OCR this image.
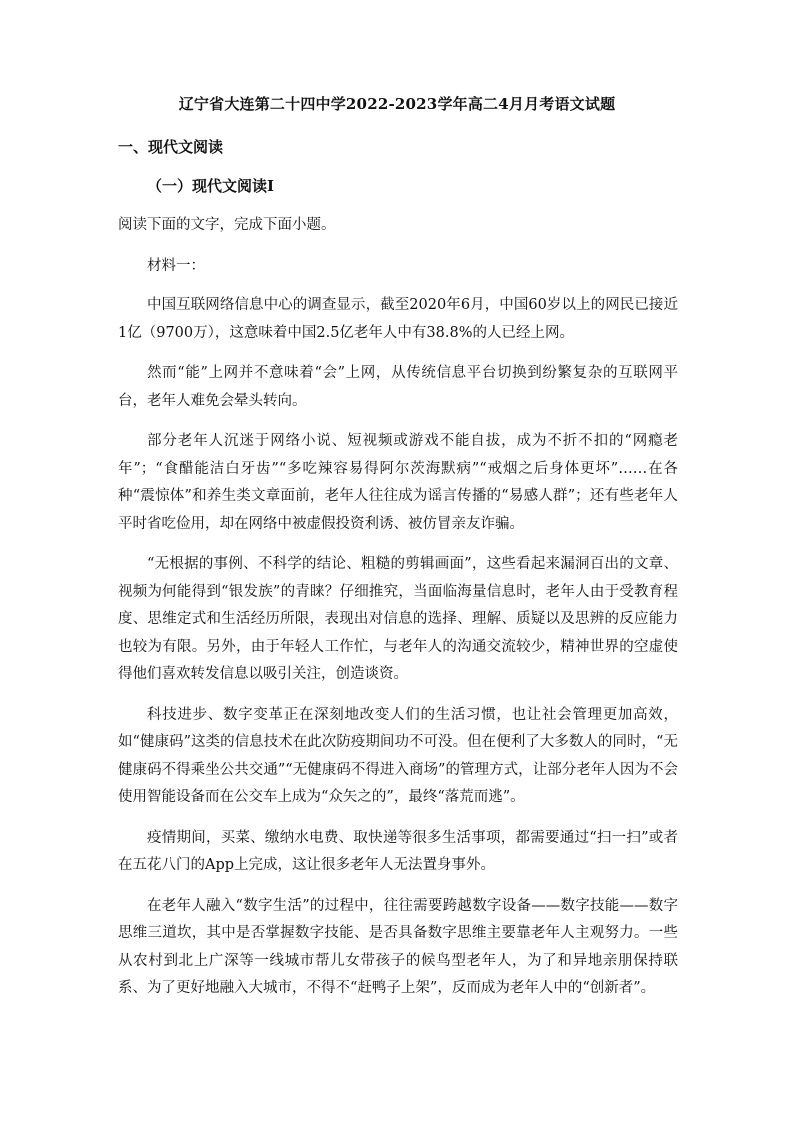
辽宁省大连第二十四中学2022-2023学年高二4月月考语文试题
一、现代文阅读
（一）现代文阅读Ⅰ
阅读下面的文字，完成下面小题。
材料一：

中国互联网络信息中心的调查显示，截至2020年6月，中国60岁以上的网民已接近1亿（9700万），这意味着中国2.5亿老年人中有38.8%的人已经上网。

然而“能”上网并不意味着“会”上网，从传统信息平台切换到纷繁复杂的互联网平台，老年人难免会晕头转向。

部分老年人沉迷于网络小说、短视频或游戏不能自拔，成为不折不扣的“网瘾老年”；“食醋能洁白牙齿”“多吃辣容易得阿尔茨海默病”“戒烟之后身体更坏”……在各种“震惊体”和养生类文章面前，老年人往往成为谣言传播的“易感人群”；还有些老年人平时省吃俭用，却在网络中被虚假投资利诱、被仿冒亲友诈骗。

“无根据的事例、不科学的结论、粗糙的剪辑画面”，这些看起来漏洞百出的文章、视频为何能得到“银发族”的青睐？仔细推究，当面临海量信息时，老年人由于受教育程度、思维定式和生活经历所限，表现出对信息的选择、理解、质疑以及思辨的反应能力也较为有限。另外，由于年轻人工作忙，与老年人的沟通交流较少，精神世界的空虚使得他们喜欢转发信息以吸引关注，创造谈资。

科技进步、数字变革正在深刻地改变人们的生活习惯，也让社会管理更加高效，如“健康码”这类的信息技术在此次防疫期间功不可没。但在便利了大多数人的同时，“无健康码不得乘坐公共交通”“无健康码不得进入商场”的管理方式，让部分老年人因为不会使用智能设备而在公交车上成为“众矢之的”，最终“落荒而逃”。

疫情期间，买菜、缴纳水电费、取快递等很多生活事项，都需要通过“扫一扫”或者在五花八门的App上完成，这让很多老年人无法置身事外。

在老年人融入“数字生活”的过程中，往往需要跨越数字设备——数字技能——数字思维三道坎，其中是否掌握数字技能、是否具备数字思维主要靠老年人主观努力。一些从农村到北上广深等一线城市帮儿女带孩子的候鸟型老年人，为了和异地亲朋保持联系、为了更好地融入大城市，不得不“赶鸭子上架”，反而成为老年人中的“创新者”。
